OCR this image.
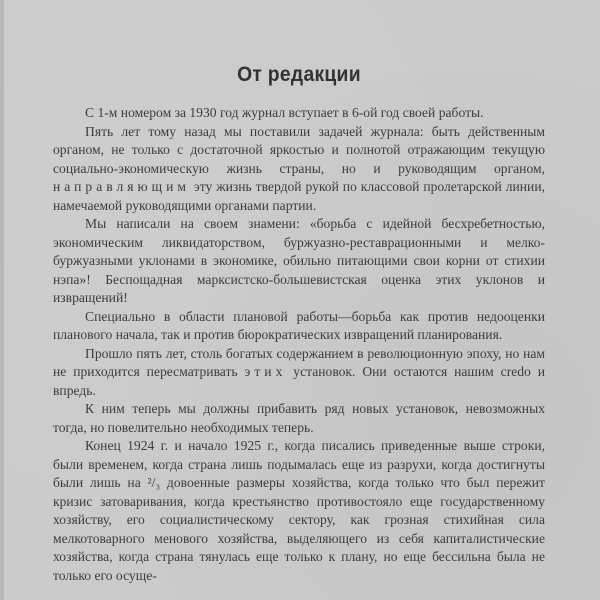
От редакции

С 1-м номером за 1930 год журнал вступает в 6-ой год своей работы.

Пять лет тому назад мы поставили задачей журнала: быть действенным органом, не только с достаточной яркостью и полнотой отражающим текущую социально-экономическую жизнь страны, но и руководящим органом, направляющим эту жизнь твердой рукой по классовой пролетарской линии, намечаемой руководящими органами партии.

Мы написали на своем знамени: «борьба с идейной бесхребетностью, экономическим ликвидаторством, буржуазно-реставрационными и мелко-буржуазными уклонами в экономике, обильно питающими свои корни от стихии нэпа»! Беспощадная марксистско-большевистская оценка этих уклонов и извращений!

Специально в области плановой работы—борьба как против недооценки планового начала, так и против бюрократических извращений планирования.

Прошло пять лет, столь богатых содержанием в революционную эпоху, но нам не приходится пересматривать этих установок. Они остаются нашим credo и впредь.

К ним теперь мы должны прибавить ряд новых установок, невозможных тогда, но повелительно необходимых теперь.

Конец 1924 г. и начало 1925 г., когда писались приведенные выше строки, были временем, когда страна лишь подымалась еще из разрухи, когда достигнуты были лишь на ²/₃ довоенные размеры хозяйства, когда только что был пережит кризис затоваривания, когда крестьянство противостояло еще государственному хозяйству, его социалистическому сектору, как грозная стихийная сила мелкотоварного менового хозяйства, выделяющего из себя капиталистические хозяйства, когда страна тянулась еще только к плану, но еще бессильна была не только его осуще-
